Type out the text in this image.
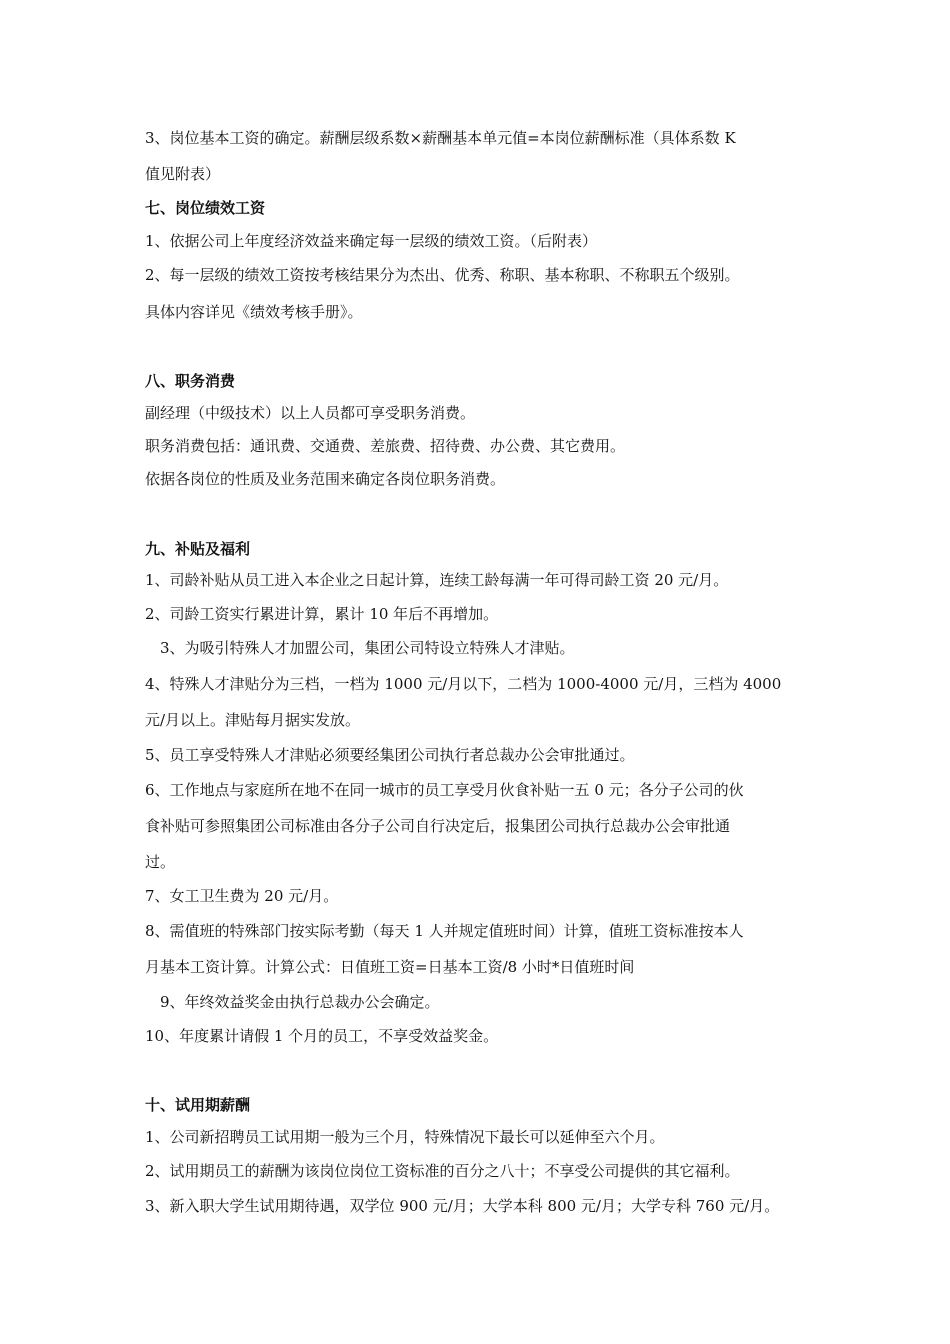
3、岗位基本工资的确定。薪酬层级系数×薪酬基本单元值=本岗位薪酬标准（具体系数 K

值见附表）

七、岗位绩效工资

1、依据公司上年度经济效益来确定每一层级的绩效工资。（后附表）

2、每一层级的绩效工资按考核结果分为杰出、优秀、称职、基本称职、不称职五个级别。

具体内容详见《绩效考核手册》。

八、职务消费

副经理（中级技术）以上人员都可享受职务消费。

职务消费包括：通讯费、交通费、差旅费、招待费、办公费、其它费用。

依据各岗位的性质及业务范围来确定各岗位职务消费。

九、补贴及福利

1、司龄补贴从员工进入本企业之日起计算，连续工龄每满一年可得司龄工资 20 元/月。

2、司龄工资实行累进计算，累计 10 年后不再增加。

3、为吸引特殊人才加盟公司，集团公司特设立特殊人才津贴。

4、特殊人才津贴分为三档，一档为 1000 元/月以下，二档为 1000-4000 元/月，三档为 4000

元/月以上。津贴每月据实发放。

5、员工享受特殊人才津贴必须要经集团公司执行者总裁办公会审批通过。

6、工作地点与家庭所在地不在同一城市的员工享受月伙食补贴一五 0 元；各分子公司的伙

食补贴可参照集团公司标准由各分子公司自行决定后，报集团公司执行总裁办公会审批通

过。

7、女工卫生费为 20 元/月。

8、需值班的特殊部门按实际考勤（每天 1 人并规定值班时间）计算，值班工资标准按本人

月基本工资计算。计算公式：日值班工资=日基本工资/8 小时*日值班时间

9、年终效益奖金由执行总裁办公会确定。

10、年度累计请假 1 个月的员工，不享受效益奖金。

十、试用期薪酬

1、公司新招聘员工试用期一般为三个月，特殊情况下最长可以延伸至六个月。

2、试用期员工的薪酬为该岗位岗位工资标准的百分之八十；不享受公司提供的其它福利。

3、新入职大学生试用期待遇，双学位 900 元/月；大学本科 800 元/月；大学专科 760 元/月。
